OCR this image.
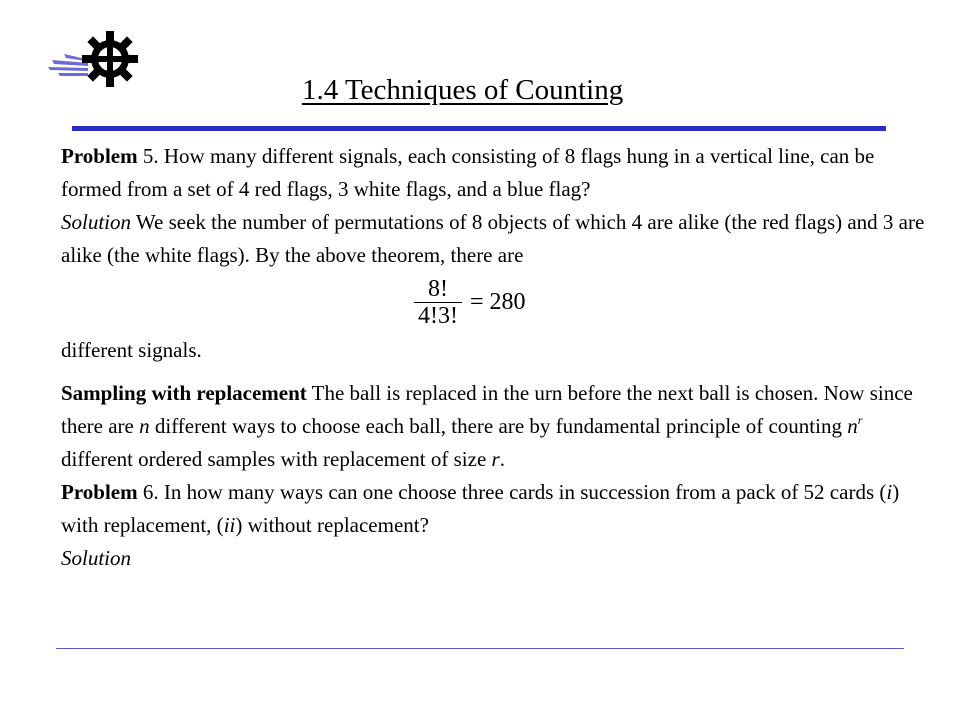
1.4 Techniques of Counting

Problem 5. How many different signals, each consisting of 8 flags hung in a vertical line, can be formed from a set of 4 red flags, 3 white flags, and a blue flag?

Solution We seek the number of permutations of 8 objects of which 4 are alike (the red flags) and 3 are alike (the white flags). By the above theorem, there are

$\frac{8!}{4!3!} = 280$

different signals.

Sampling with replacement The ball is replaced in the urn before the next ball is chosen. Now since there are n different ways to choose each ball, there are by fundamental principle of counting $n^r$ different ordered samples with replacement of size r.

Problem 6. In how many ways can one choose three cards in succession from a pack of 52 cards (i) with replacement, (ii) without replacement?

Solution
